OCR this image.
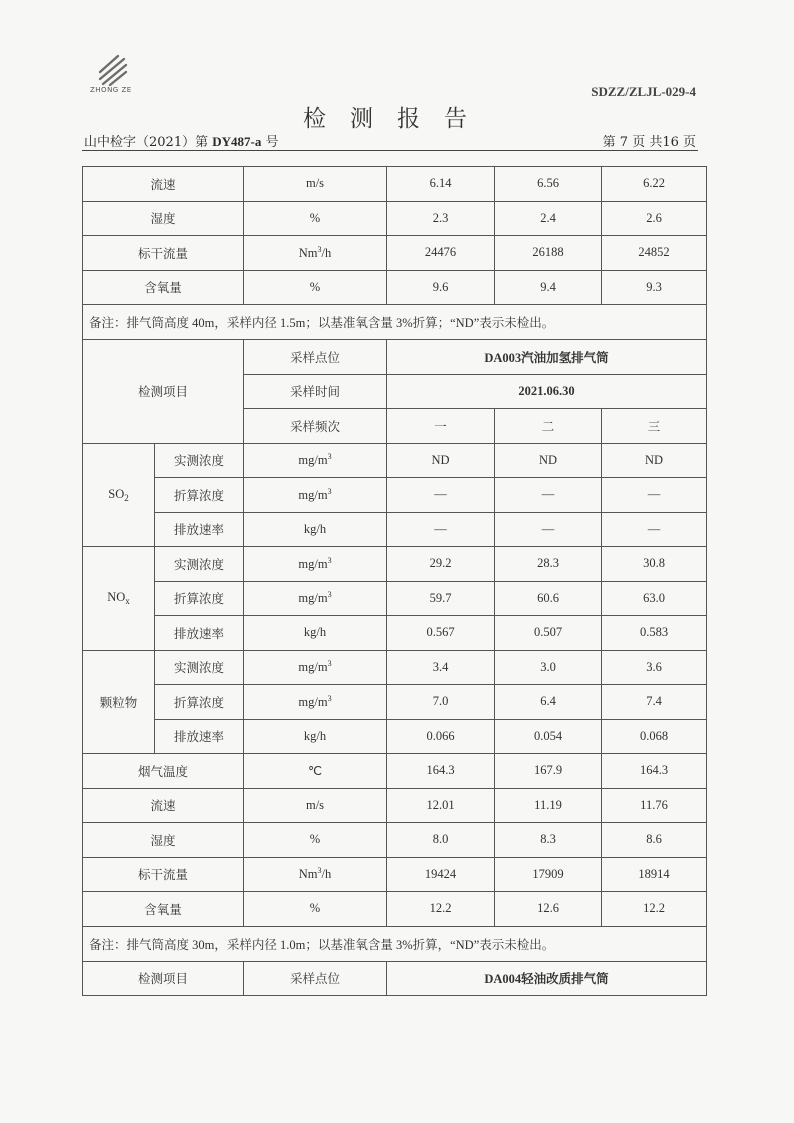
ZHONG ZE	SDZZ/ZLJL-029-4
检测报告
山中检字（2021）第 DY487-a 号	第 7 页 共16 页
流速		m/s	6.14	6.56	6.22
湿度		%	2.3	2.4	2.6
标干流量		Nm$^3$/h	24476	26188	24852
含氧量		%	9.6	9.4	9.3
备注：排气筒高度 40m，采样内径 1.5m；以基准氧含量 3%折算；“ND”表示未检出。					
检测项目		采样点位	DA003汽油加氢排气筒		
		采样时间	2021.06.30		
		采样频次	一	二	三
$SO_2$	实测浓度	$mg/m^3$	ND	ND	ND
	折算浓度	$mg/m^3$	—	—	—
	排放速率	kg/h	—	—	—
$NO_x$	实测浓度	$mg/m^3$	29.2	28.3	30.8
	折算浓度	$mg/m^3$	59.7	60.6	63.0
	排放速率	kg/h	0.567	0.507	0.583
颗粒物	实测浓度	$mg/m^3$	3.4	3.0	3.6
	折算浓度	$mg/m^3$	7.0	6.4	7.4
	排放速率	kg/h	0.066	0.054	0.068
烟气温度		℃	164.3	167.9	164.3
流速		m/s	12.01	11.19	11.76
湿度		%	8.0	8.3	8.6
标干流量		Nm$^3$/h	19424	17909	18914
含氧量		%	12.2	12.6	12.2
备注：排气筒高度 30m，采样内径 1.0m；以基准氧含量 3%折算，“ND”表示未检出。					
检测项目		采样点位	DA004轻油改质排气筒		
